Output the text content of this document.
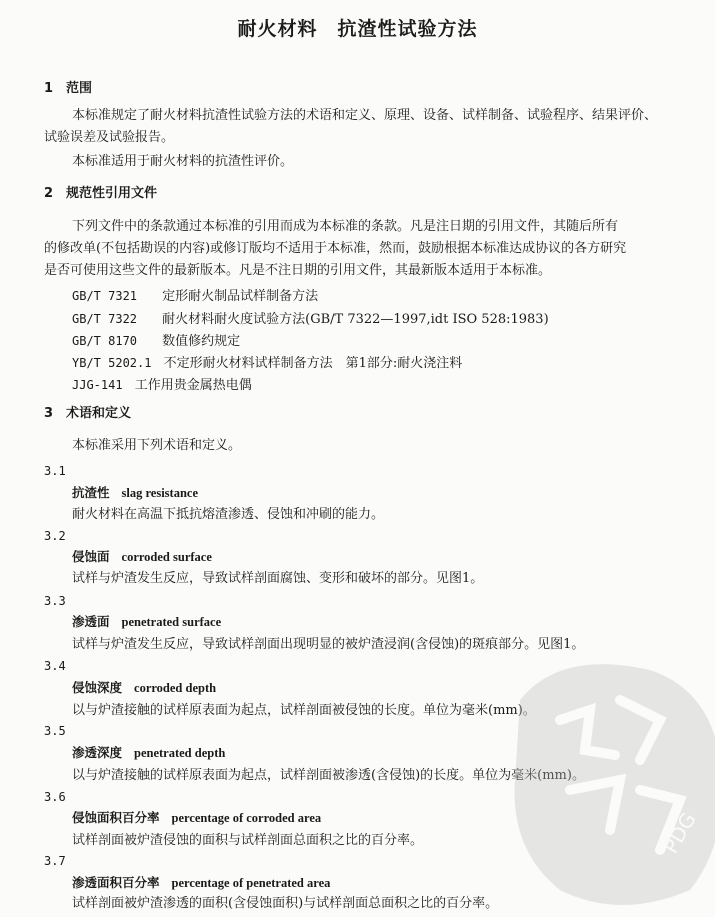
耐火材料　抗渣性试验方法
1　范围
本标准规定了耐火材料抗渣性试验方法的术语和定义、原理、设备、试样制备、试验程序、结果评价、
试验误差及试验报告。
本标准适用于耐火材料的抗渣性评价。
2　规范性引用文件
下列文件中的条款通过本标准的引用而成为本标准的条款。凡是注日期的引用文件，其随后所有
的修改单(不包括勘误的内容)或修订版均不适用于本标准，然而，鼓励根据本标准达成协议的各方研究
是否可使用这些文件的最新版本。凡是不注日期的引用文件，其最新版本适用于本标准。
GB/T 7321 定形耐火制品试样制备方法
GB/T 7322 耐火材料耐火度试验方法(GB/T 7322—1997,idt ISO 528:1983)
GB/T 8170 数值修约规定
YB/T 5202.1 不定形耐火材料试样制备方法　第1部分:耐火浇注料
JJG-141 工作用贵金属热电偶
3　术语和定义
本标准采用下列术语和定义。
3.1
抗渣性 slag resistance
耐火材料在高温下抵抗熔渣渗透、侵蚀和冲刷的能力。
3.2
侵蚀面 corroded surface
试样与炉渣发生反应，导致试样剖面腐蚀、变形和破坏的部分。见图1。
3.3
渗透面 penetrated surface
试样与炉渣发生反应，导致试样剖面出现明显的被炉渣浸润(含侵蚀)的斑痕部分。见图1。
3.4
侵蚀深度 corroded depth
以与炉渣接触的试样原表面为起点，试样剖面被侵蚀的长度。单位为毫米(mm)。
3.5
渗透深度 penetrated depth
以与炉渣接触的试样原表面为起点，试样剖面被渗透(含侵蚀)的长度。单位为毫米(mm)。
3.6
侵蚀面积百分率 percentage of corroded area
试样剖面被炉渣侵蚀的面积与试样剖面总面积之比的百分率。
3.7
渗透面积百分率 percentage of penetrated area
试样剖面被炉渣渗透的面积(含侵蚀面积)与试样剖面总面积之比的百分率。
PDG
